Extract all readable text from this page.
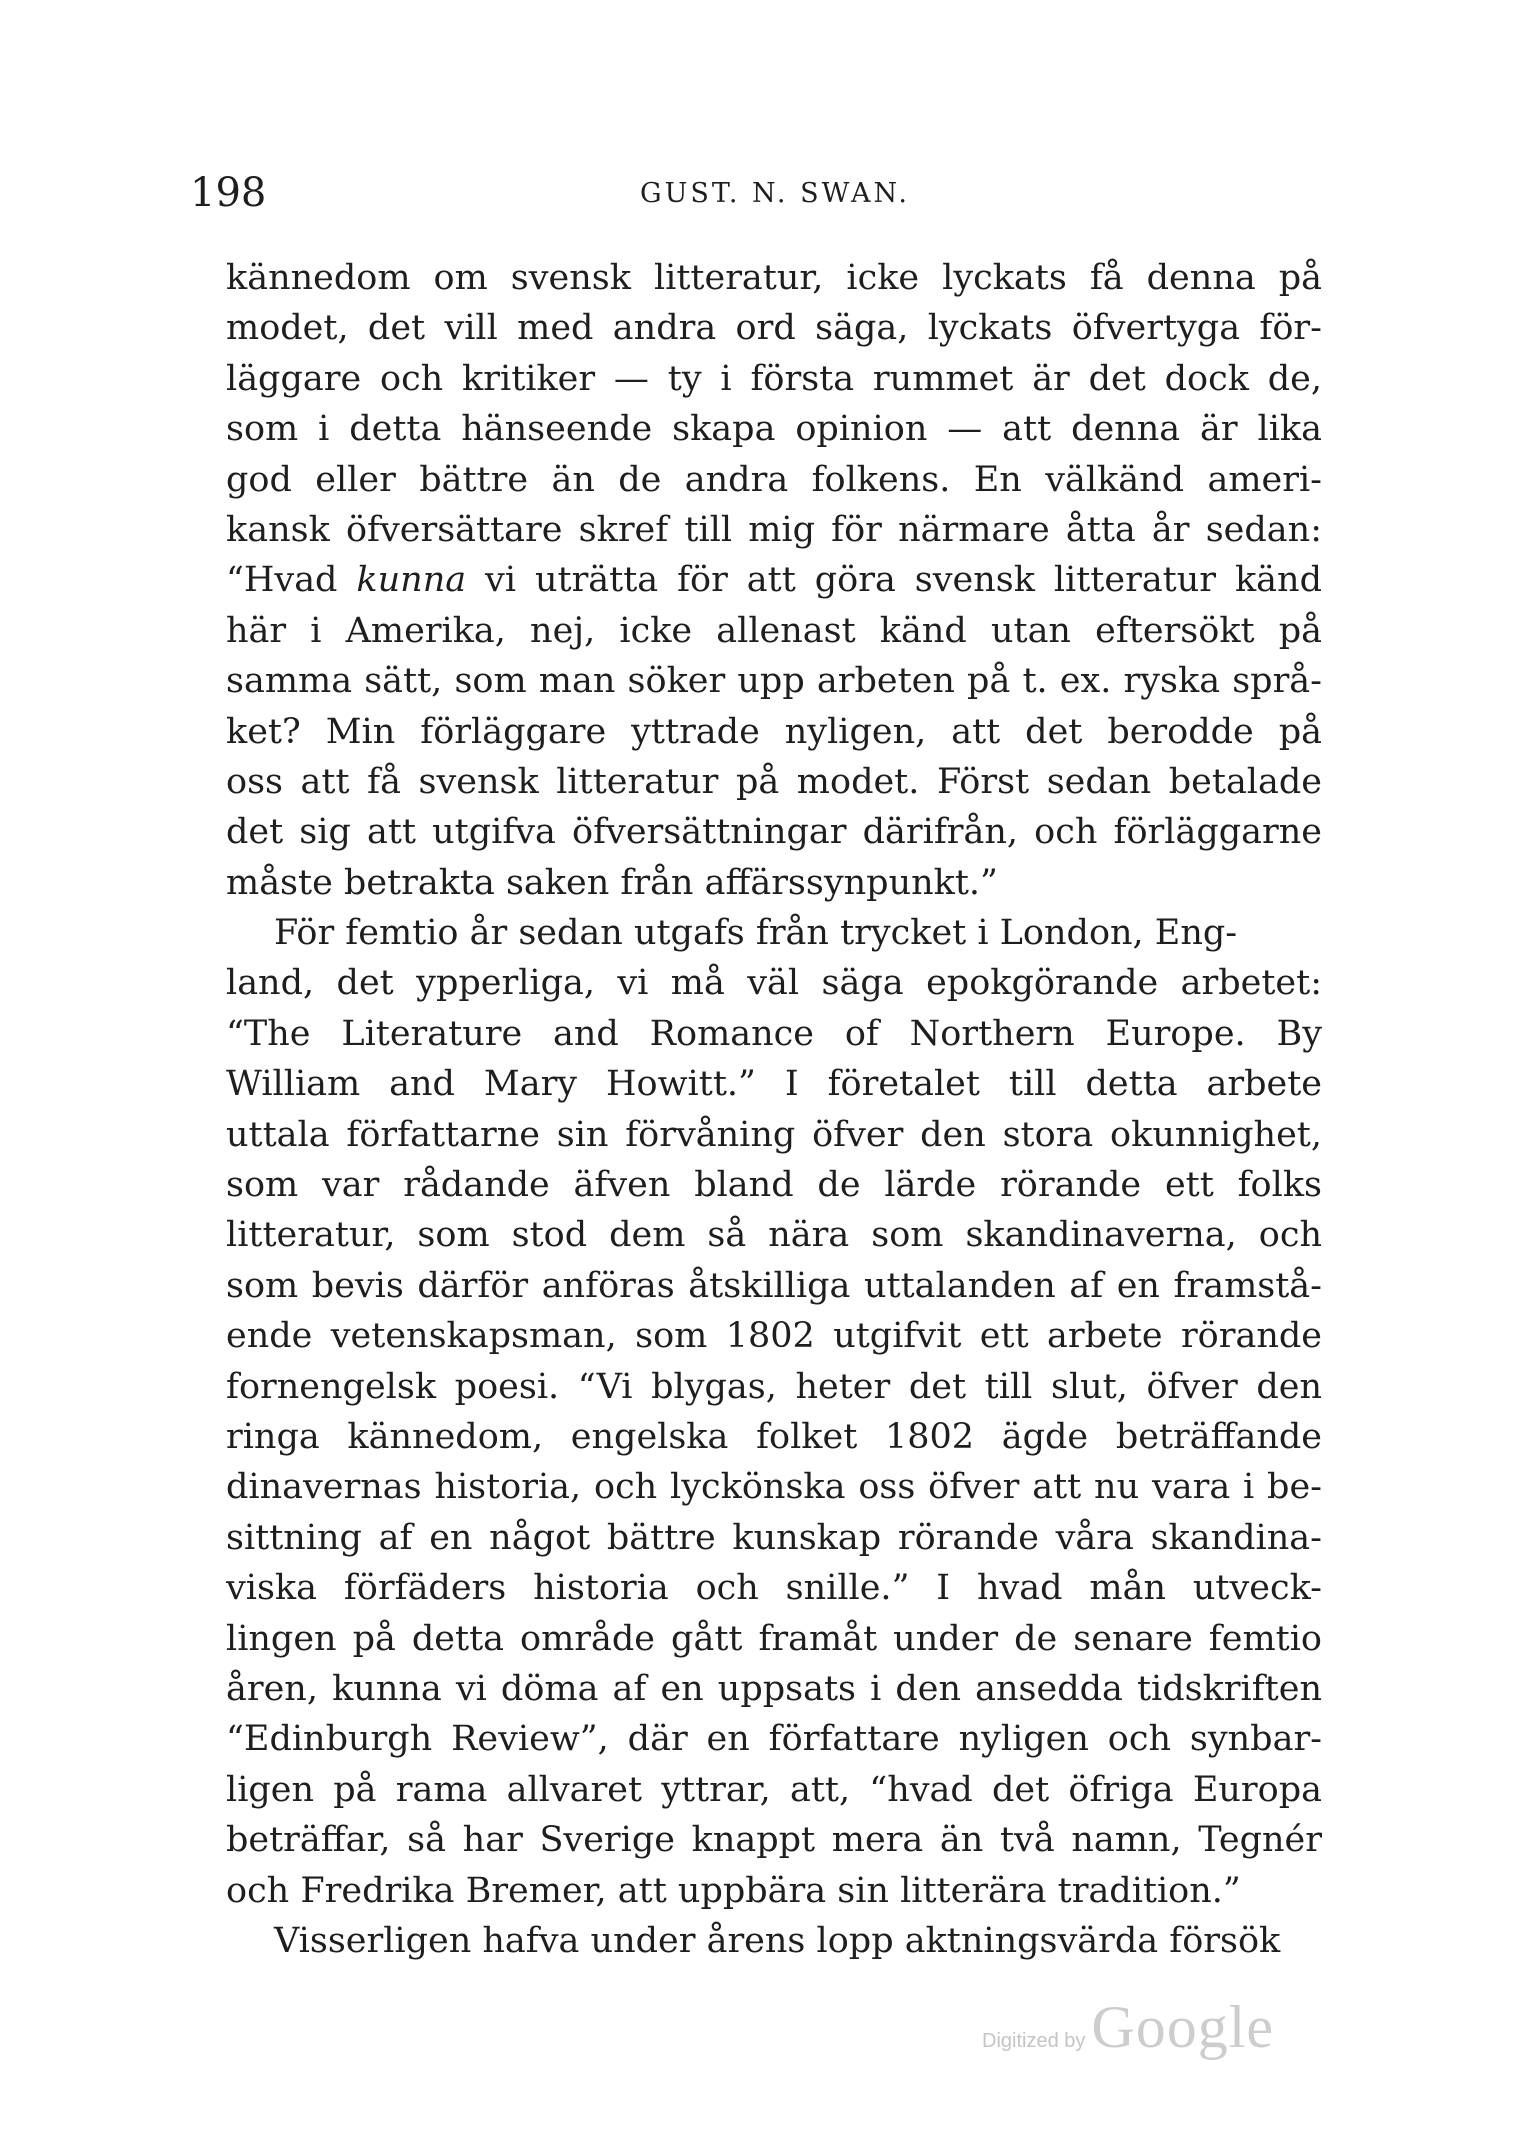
198	GUST. N. SWAN.
kännedom om svensk litteratur, icke lyckats få denna på
modet, det vill med andra ord säga, lyckats öfvertyga för-
läggare och kritiker — ty i första rummet är det dock de,
som i detta hänseende skapa opinion — att denna är lika
god eller bättre än de andra folkens. En välkänd ameri-
kansk öfversättare skref till mig för närmare åtta år sedan:
“Hvad kunna vi uträtta för att göra svensk litteratur känd
här i Amerika, nej, icke allenast känd utan eftersökt på
samma sätt, som man söker upp arbeten på t. ex. ryska språ-
ket? Min förläggare yttrade nyligen, att det berodde på
oss att få svensk litteratur på modet. Först sedan betalade
det sig att utgifva öfversättningar därifrån, och förläggarne
måste betrakta saken från affärssynpunkt.”
För femtio år sedan utgafs från trycket i London, Eng-
land, det ypperliga, vi må väl säga epokgörande arbetet:
“The Literature and Romance of Northern Europe. By
William and Mary Howitt.” I företalet till detta arbete
uttala författarne sin förvåning öfver den stora okunnighet,
som var rådande äfven bland de lärde rörande ett folks
litteratur, som stod dem så nära som skandinaverna, och
som bevis därför anföras åtskilliga uttalanden af en framstå-
ende vetenskapsman, som 1802 utgifvit ett arbete rörande
fornengelsk poesi. “Vi blygas, heter det till slut, öfver den
ringa kännedom, engelska folket 1802 ägde beträffande
dinavernas historia, och lyckönska oss öfver att nu vara i be-
sittning af en något bättre kunskap rörande våra skandina-
viska förfäders historia och snille.” I hvad mån utveck-
lingen på detta område gått framåt under de senare femtio
åren, kunna vi döma af en uppsats i den ansedda tidskriften
“Edinburgh Review”, där en författare nyligen och synbar-
ligen på rama allvaret yttrar, att, “hvad det öfriga Europa
beträffar, så har Sverige knappt mera än två namn, Tegnér
och Fredrika Bremer, att uppbära sin litterära tradition.”
Visserligen hafva under årens lopp aktningsvärda försök
Digitized by Google
